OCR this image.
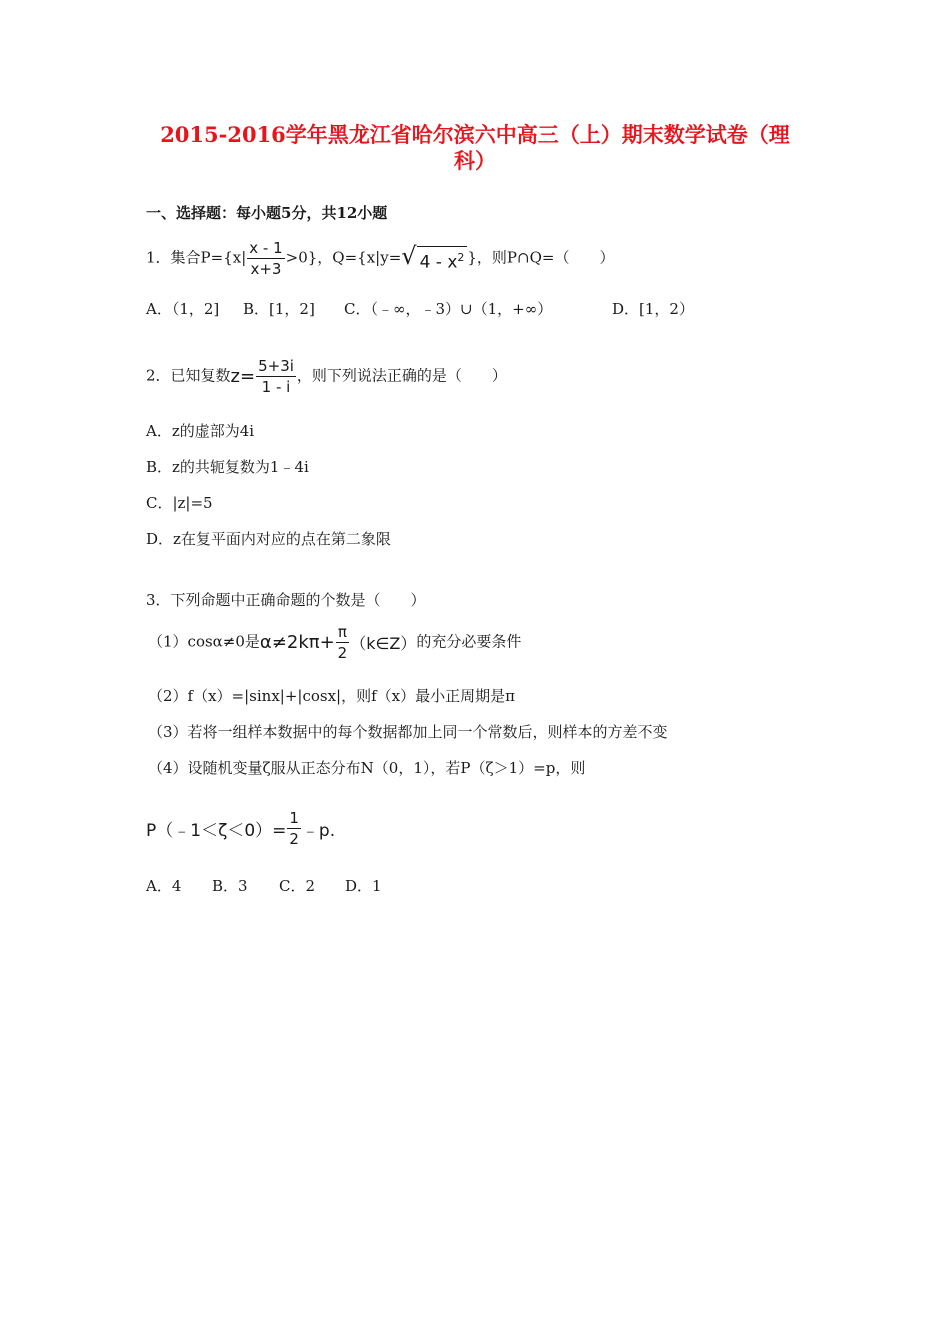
2015-2016学年黑龙江省哈尔滨六中高三（上）期末数学试卷（理
科）
一、选择题：每小题5分，共12小题
1．集合$P=\{x| \frac{x - 1}{x+3} >0\}$，Q={x|y= √ $4 - x^2$ }，则P∩Q=（　　）
A．（1，2] B．[1，2] C．（﹣∞，﹣3）∪（1，+∞）	D．[1，2）
2．已知复数$z= \frac{5+3i}{1 - i}$ ，则下列说法正确的是（　　）
A．z的虚部为4i
B．z的共轭复数为1﹣4i
C．|z|=5
D．z在复平面内对应的点在第二象限
3．下列命题中正确命题的个数是（　　）
（1）cosα≠0是$\alpha\ne 2k\pi+ \frac{\pi}{2}$ （k∈Z）的充分必要条件
（2）f（x）=|sinx|+|cosx|，则f（x）最小正周期是π
（3）若将一组样本数据中的每个数据都加上同一个常数后，则样本的方差不变
（4）设随机变量ζ服从正态分布N（0，1），若P（ζ＞1）=p，则
P（﹣1＜ζ＜0）= $\frac{1}{2}$ ﹣p.
A．4 B．3 C．2 D．1
